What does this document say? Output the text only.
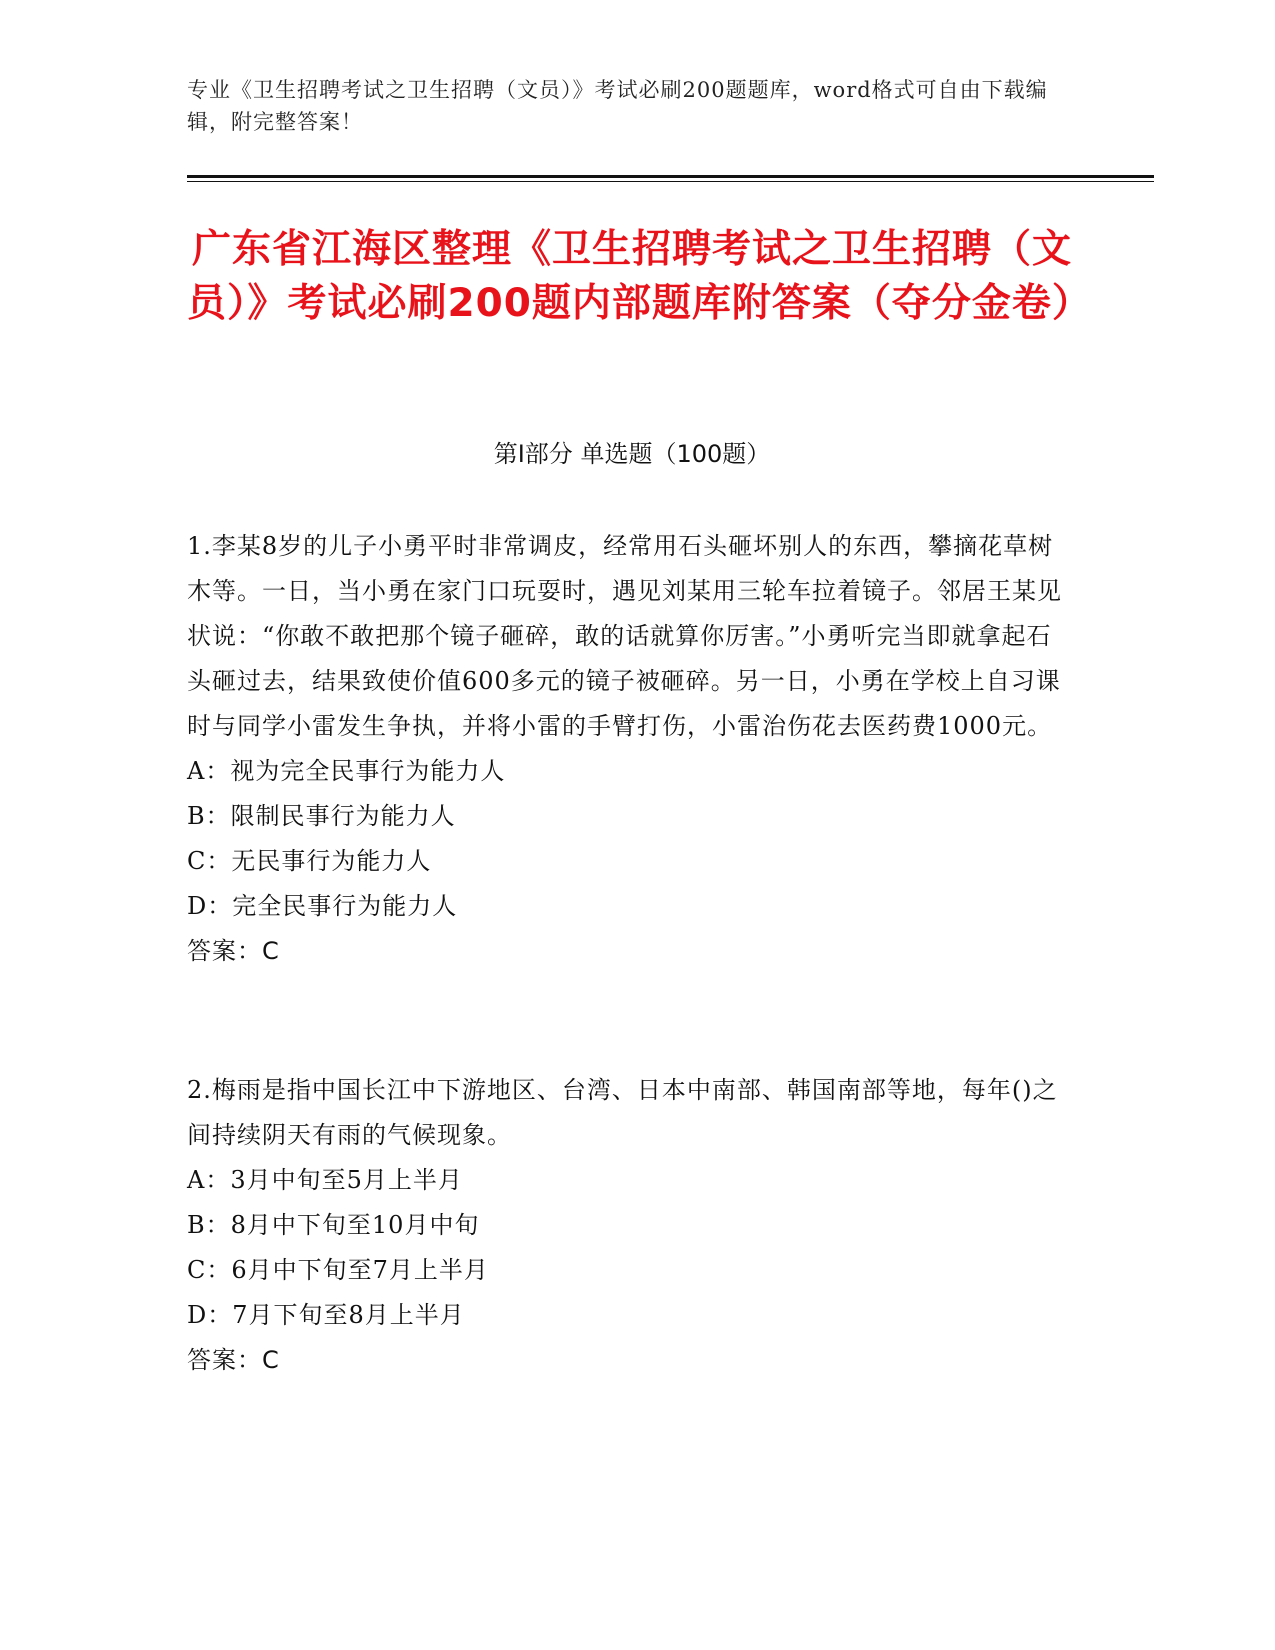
专业《卫生招聘考试之卫生招聘（文员）》考试必刷200题题库，word格式可自由下载编辑，附完整答案！
广东省江海区整理《卫生招聘考试之卫生招聘（文员）》考试必刷200题内部题库附答案（夺分金卷）
第I部分 单选题（100题）

1.李某8岁的儿子小勇平时非常调皮，经常用石头砸坏别人的东西，攀摘花草树木等。一日，当小勇在家门口玩耍时，遇见刘某用三轮车拉着镜子。邻居王某见状说：“你敢不敢把那个镜子砸碎，敢的话就算你厉害。”小勇听完当即就拿起石头砸过去，结果致使价值600多元的镜子被砸碎。另一日，小勇在学校上自习课时与同学小雷发生争执，并将小雷的手臂打伤，小雷治伤花去医药费1000元。

A：视为完全民事行为能力人

B：限制民事行为能力人

C：无民事行为能力人

D：完全民事行为能力人

答案：C

2.梅雨是指中国长江中下游地区、台湾、日本中南部、韩国南部等地，每年()之间持续阴天有雨的气候现象。

A：3月中旬至5月上半月

B：8月中下旬至10月中旬

C：6月中下旬至7月上半月

D：7月下旬至8月上半月

答案：C
